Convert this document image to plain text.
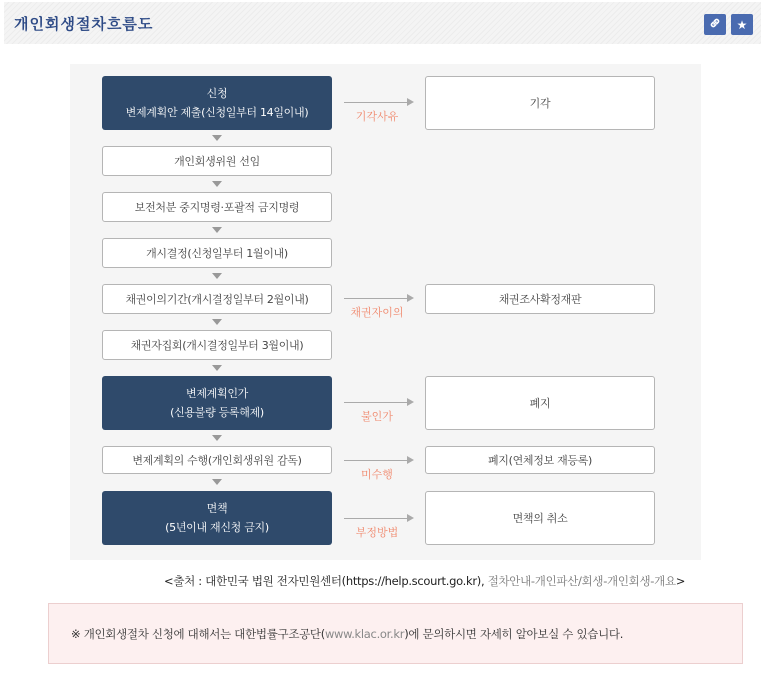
개인회생절차흐름도	★
신청
변제계획안 제출(신청일부터 14일이내)
개인회생위원 선임
보전처분 중지명령·포괄적 금지명령
개시결정(신청일부터 1월이내)
채권이의기간(개시결정일부터 2월이내)
채권자집회(개시결정일부터 3월이내)
변제계획인가
(신용불량 등록해제)
변제계획의 수행(개인회생위원 감독)
면책
(5년이내 재신청 금지)
기각사유
기각
채권자이의
채권조사확정재판
불인가
폐지
미수행
폐지(연체정보 재등록)
부정방법
면책의 취소
<출처 : 대한민국 법원 전자민원센터(https://help.scourt.go.kr), 절차안내-개인파산/회생-개인회생-개요>
※ 개인회생절차 신청에 대해서는 대한법률구조공단(www.klac.or.kr)에 문의하시면 자세히 알아보실 수 있습니다.
